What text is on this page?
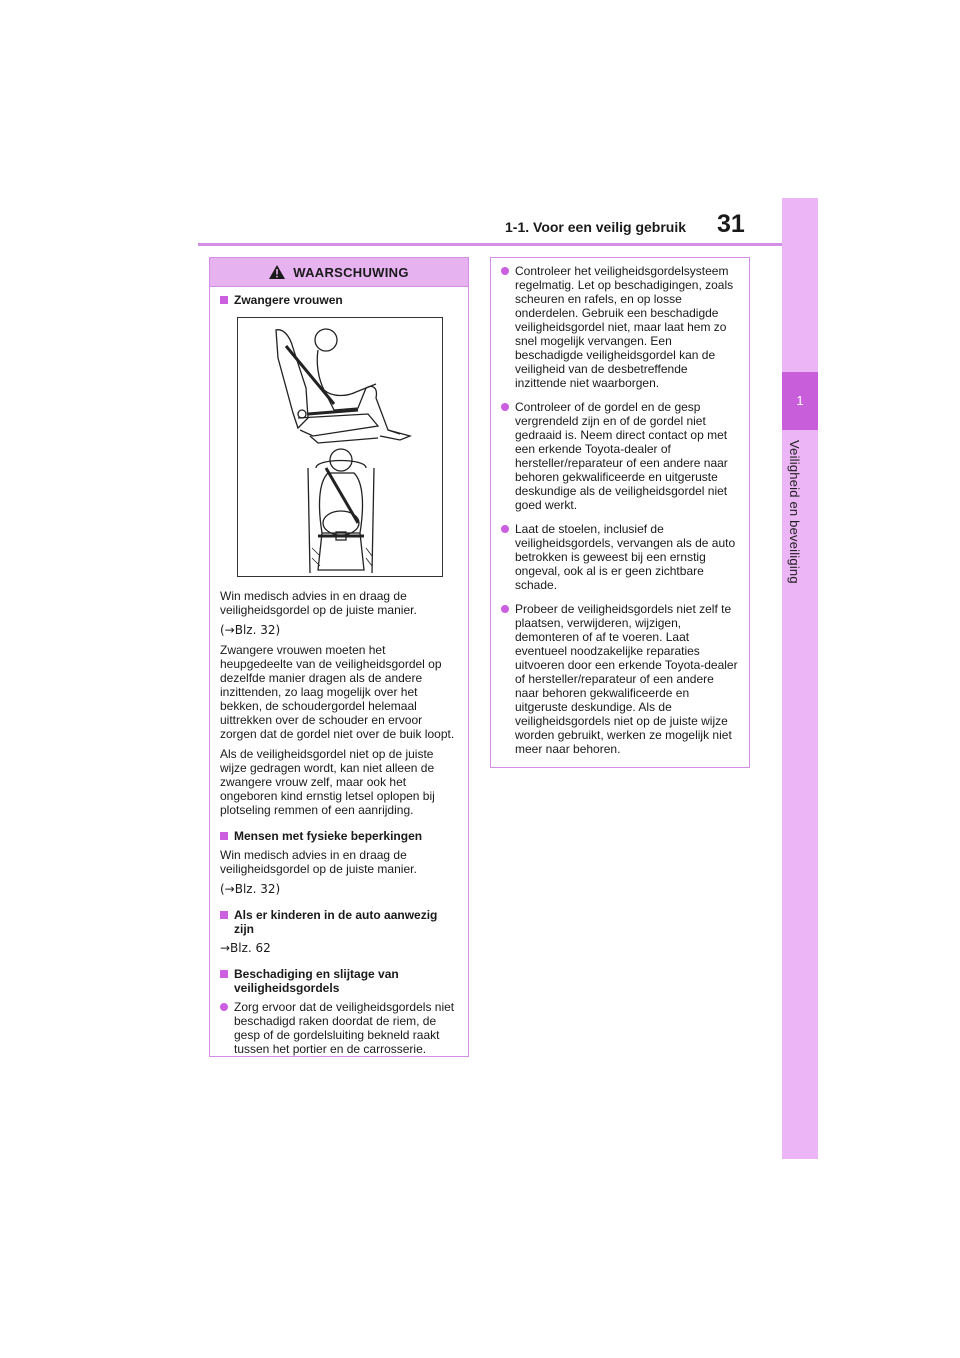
1-1. Voor een veilig gebruik 31
1
Veiligheid en beveiliging
WAARSCHUWING
Zwangere vrouwen

Win medisch advies in en draag de veiligheidsgordel op de juiste manier.

(→Blz. 32)

Zwangere vrouwen moeten het heupgedeelte van de veiligheidsgordel op dezelfde manier dragen als de andere inzittenden, zo laag mogelijk over het bekken, de schoudergordel helemaal uittrekken over de schouder en ervoor zorgen dat de gordel niet over de buik loopt.

Als de veiligheidsgordel niet op de juiste wijze gedragen wordt, kan niet alleen de zwangere vrouw zelf, maar ook het ongeboren kind ernstig letsel oplopen bij plotseling remmen of een aanrijding.

Mensen met fysieke beperkingen

Win medisch advies in en draag de veiligheidsgordel op de juiste manier.

(→Blz. 32)

Als er kinderen in de auto aanwezig zijn

→Blz. 62

Beschadiging en slijtage van veiligheidsgordels
Zorg ervoor dat de veiligheidsgordels niet beschadigd raken doordat de riem, de gesp of de gordelsluiting bekneld raakt tussen het portier en de carrosserie.
Controleer het veiligheidsgordelsysteem regelmatig. Let op beschadigingen, zoals scheuren en rafels, en op losse onderdelen. Gebruik een beschadigde veiligheidsgordel niet, maar laat hem zo snel mogelijk vervangen. Een beschadigde veiligheidsgordel kan de veiligheid van de desbetreffende inzittende niet waarborgen.
Controleer of de gordel en de gesp vergrendeld zijn en of de gordel niet gedraaid is. Neem direct contact op met een erkende Toyota-dealer of hersteller/reparateur of een andere naar behoren gekwalificeerde en uitgeruste deskundige als de veiligheidsgordel niet goed werkt.
Laat de stoelen, inclusief de veiligheidsgordels, vervangen als de auto betrokken is geweest bij een ernstig ongeval, ook al is er geen zichtbare schade.
Probeer de veiligheidsgordels niet zelf te plaatsen, verwijderen, wijzigen, demonteren of af te voeren. Laat eventueel noodzakelijke reparaties uitvoeren door een erkende Toyota-dealer of hersteller/reparateur of een andere naar behoren gekwalificeerde en uitgeruste deskundige. Als de veiligheidsgordels niet op de juiste wijze worden gebruikt, werken ze mogelijk niet meer naar behoren.
